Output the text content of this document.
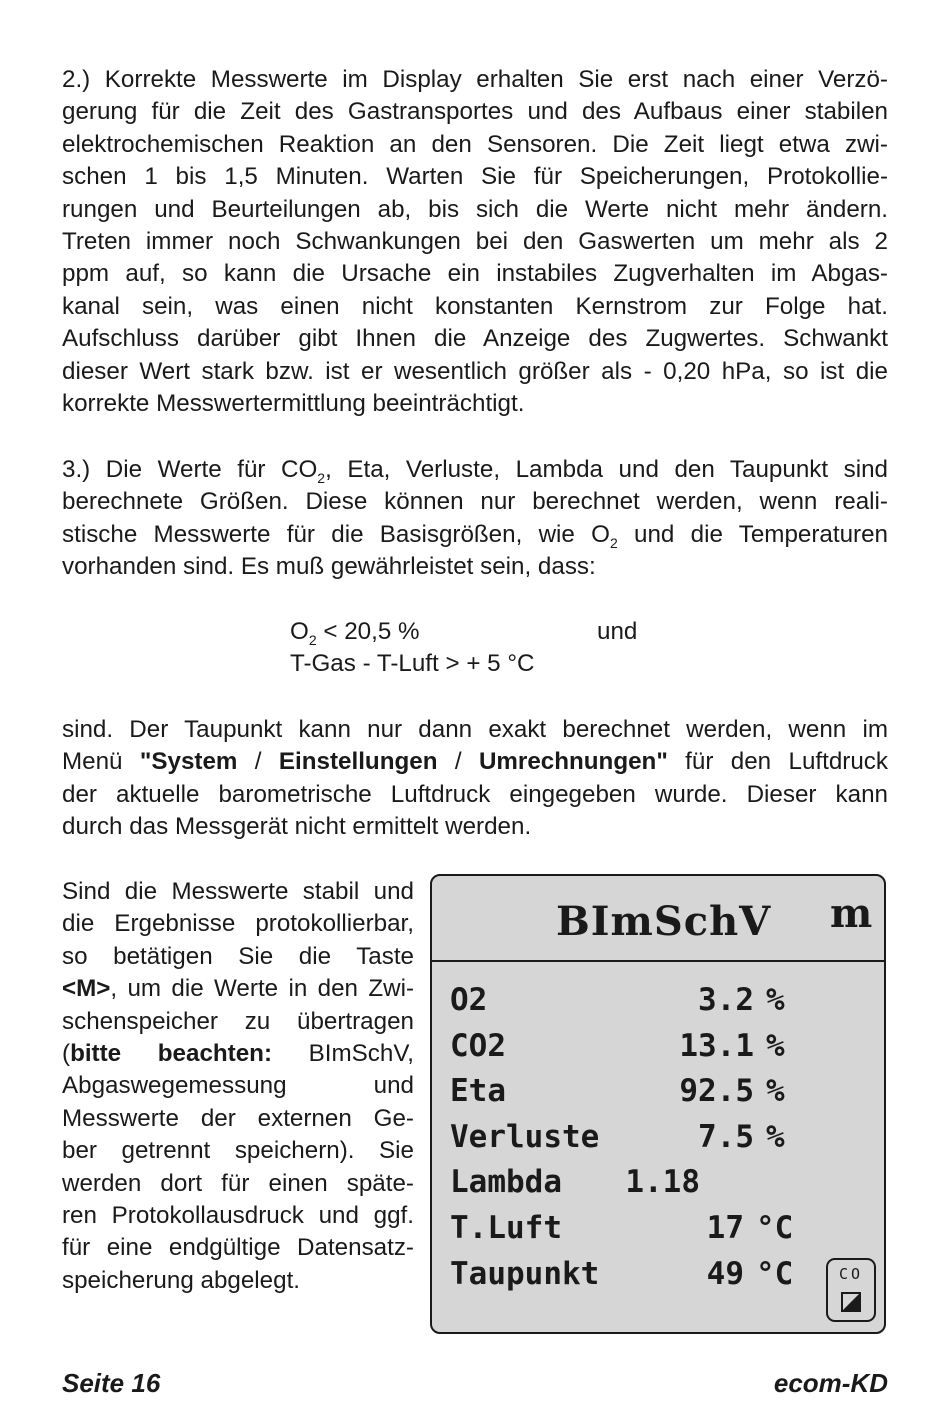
2.) Korrekte Messwerte im Display erhalten Sie erst nach einer Verzö-
gerung für die Zeit des Gastransportes und des Aufbaus einer stabilen
elektrochemischen Reaktion an den Sensoren. Die Zeit liegt etwa zwi-
schen 1 bis 1,5 Minuten. Warten Sie für Speicherungen, Protokollie-
rungen und Beurteilungen ab, bis sich die Werte nicht mehr ändern.
Treten immer noch Schwankungen bei den Gaswerten um mehr als 2
ppm auf, so kann die Ursache ein instabiles Zugverhalten im Abgas-
kanal sein, was einen nicht konstanten Kernstrom zur Folge hat.
Aufschluss darüber gibt Ihnen die Anzeige des Zugwertes. Schwankt
dieser Wert stark bzw. ist er wesentlich größer als - 0,20 hPa, so ist die
korrekte Messwertermittlung beeinträchtigt.
3.) Die Werte für $CO_2$, Eta, Verluste, Lambda und den Taupunkt sind
berechnete Größen. Diese können nur berechnet werden, wenn reali-
stische Messwerte für die Basisgrößen, wie $O_2$ und die Temperaturen
vorhanden sind. Es muß gewährleistet sein, dass:
$O_2 < 20,5$ %	und
T-Gas - T-Luft > + 5 °C
sind. Der Taupunkt kann nur dann exakt berechnet werden, wenn im
Menü "System / Einstellungen / Umrechnungen" für den Luftdruck
der aktuelle barometrische Luftdruck eingegeben wurde. Dieser kann
durch das Messgerät nicht ermittelt werden.
Sind die Messwerte stabil und
die Ergebnisse protokollierbar,
so betätigen Sie die Taste
<M>, um die Werte in den Zwi-
schenspeicher zu übertragen
(bitte beachten: BImSchV,
Abgaswegemessung  und
Messwerte der externen Ge-
ber getrennt speichern). Sie
werden dort für einen späte-
ren Protokollausdruck und ggf.
für eine endgültige Datensatz-
speicherung abgelegt.
BImSchV m
O2	3.2 %
CO2	13.1 %
Eta	92.5 %
Verluste	7.5 %
Lambda	1.18
T.Luft	17 °C
Taupunkt	49 °C	CO
Seite 16	ecom-KD
